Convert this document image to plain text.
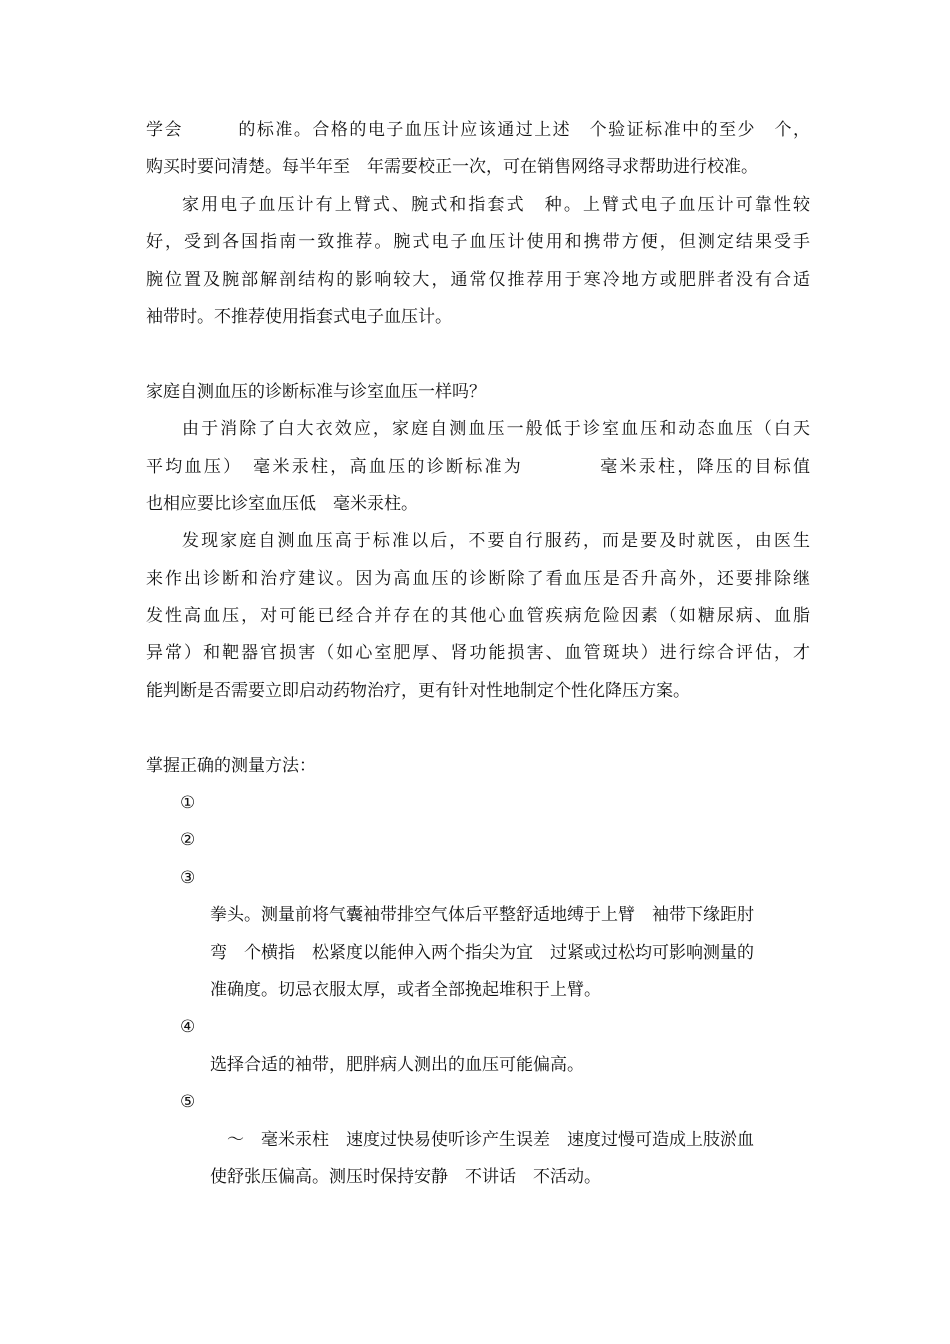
学会　　　的标准。合格的电子血压计应该通过上述　个验证标准中的至少　个，
购买时要问清楚。每半年至　年需要校正一次，可在销售网络寻求帮助进行校准。
家用电子血压计有上臂式、腕式和指套式　种。上臂式电子血压计可靠性较
好，受到各国指南一致推荐。腕式电子血压计使用和携带方便，但测定结果受手
腕位置及腕部解剖结构的影响较大，通常仅推荐用于寒冷地方或肥胖者没有合适
袖带时。不推荐使用指套式电子血压计。
家庭自测血压的诊断标准与诊室血压一样吗？
由于消除了白大衣效应，家庭自测血压一般低于诊室血压和动态血压（白天
平均血压）　毫米汞柱，高血压的诊断标准为　　　　毫米汞柱，降压的目标值
也相应要比诊室血压低　毫米汞柱。
发现家庭自测血压高于标准以后，不要自行服药，而是要及时就医，由医生
来作出诊断和治疗建议。因为高血压的诊断除了看血压是否升高外，还要排除继
发性高血压，对可能已经合并存在的其他心血管疾病危险因素（如糖尿病、血脂
异常）和靶器官损害（如心室肥厚、肾功能损害、血管斑块）进行综合评估，才
能判断是否需要立即启动药物治疗，更有针对性地制定个性化降压方案。
掌握正确的测量方法：

①

②

③

拳头。测量前将气囊袖带排空气体后平整舒适地缚于上臂　袖带下缘距肘
弯　个横指　松紧度以能伸入两个指尖为宜　过紧或过松均可影响测量的
准确度。切忌衣服太厚，或者全部挽起堆积于上臂。

④

选择合适的袖带，肥胖病人测出的血压可能偏高。

⑤

　～　毫米汞柱　速度过快易使听诊产生误差　速度过慢可造成上肢淤血
使舒张压偏高。测压时保持安静　不讲话　不活动。
